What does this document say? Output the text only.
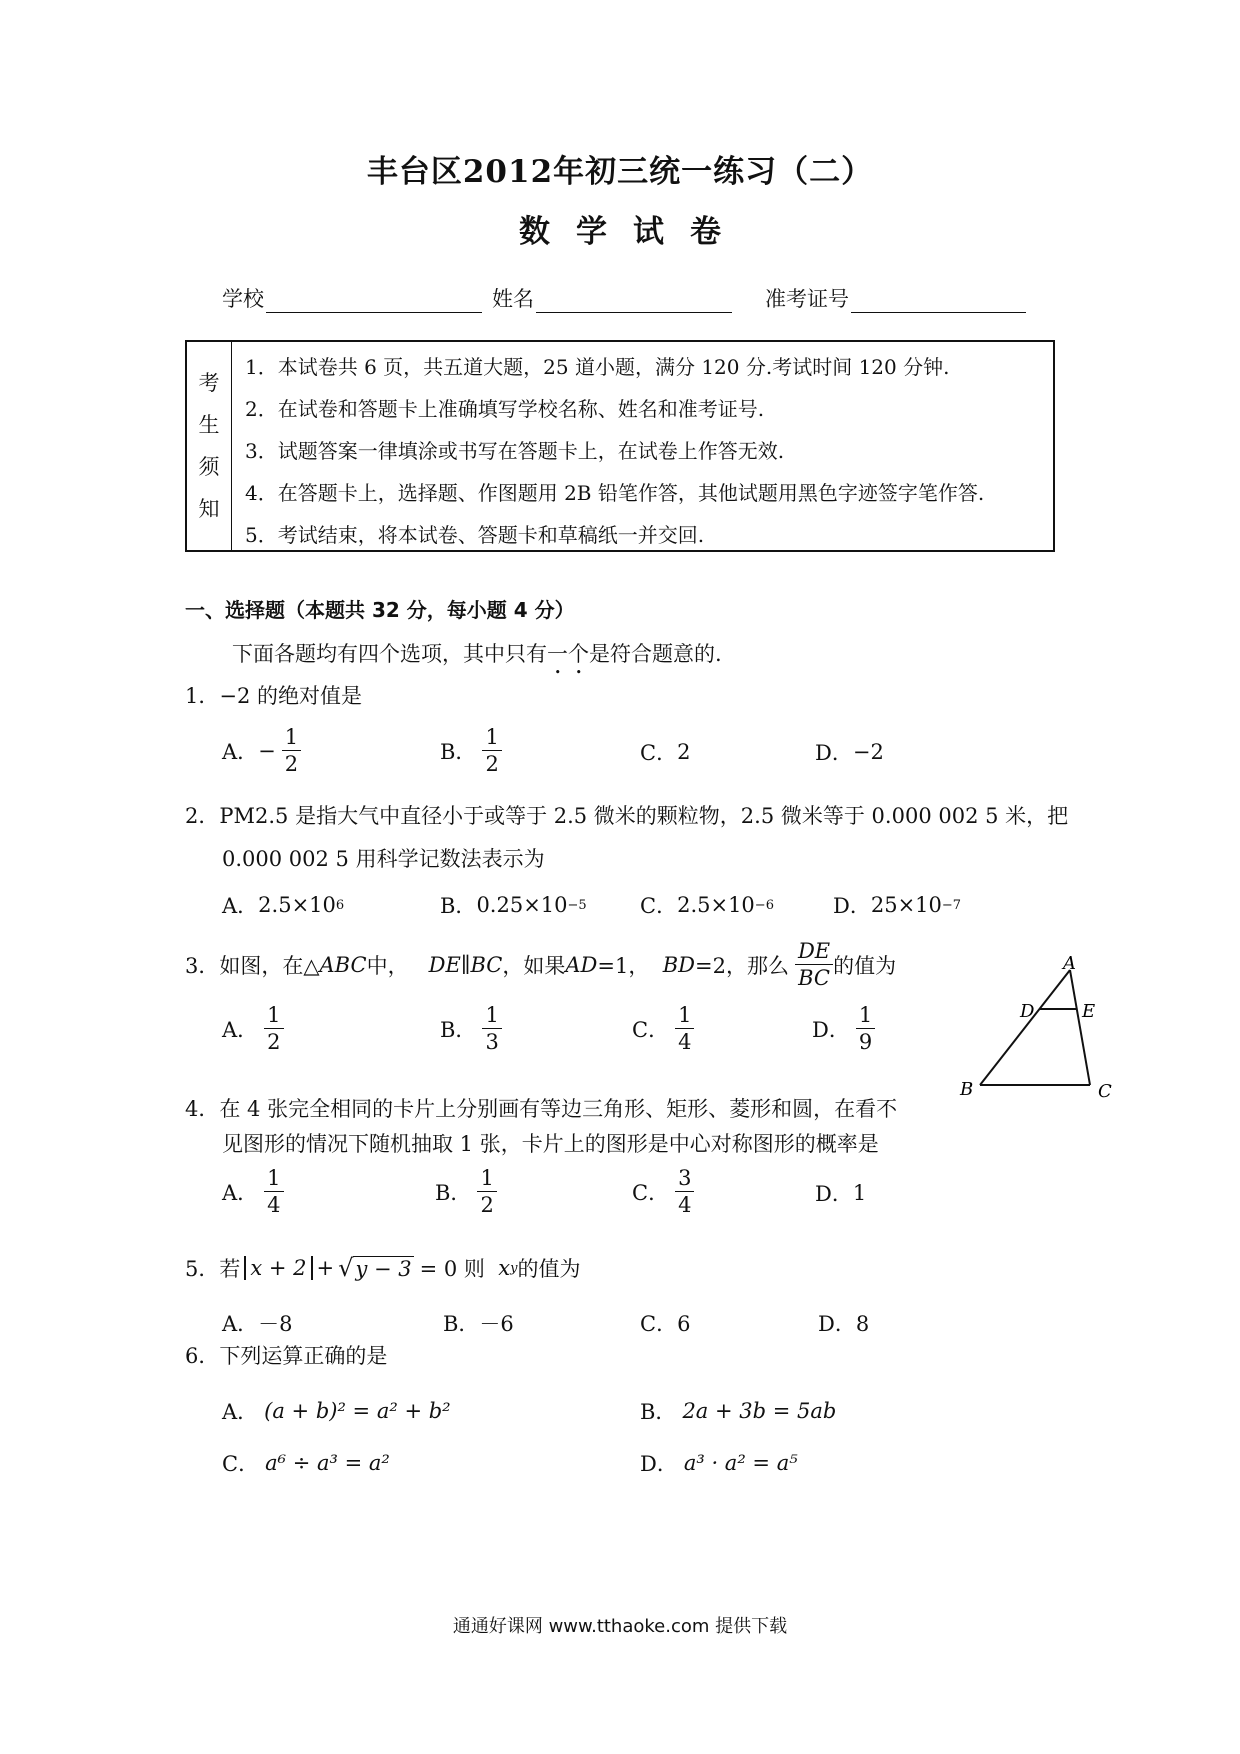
丰台区2012年初三统一练习（二）
数学试卷
学校	姓名	准考证号
考
生
须
知
1．本试卷共 6 页，共五道大题，25 道小题，满分 120 分.考试时间 120 分钟.
2．在试卷和答题卡上准确填写学校名称、姓名和准考证号.
3．试题答案一律填涂或书写在答题卡上，在试卷上作答无效.
4．在答题卡上，选择题、作图题用 2B 铅笔作答，其他试题用黑色字迹签字笔作答.
5．考试结束，将本试卷、答题卡和草稿纸一并交回.
一、选择题（本题共 32 分，每小题 4 分）
下面各题均有四个选项，其中只有一个是符合题意的.
1．−2 的绝对值是
A． − $\frac{1}{2}$	B． $\frac{1}{2}$	C． 2	D． −2
2．PM2.5 是指大气中直径小于或等于 2.5 微米的颗粒物，2.5 微米等于 0.000 002 5 米，把
0.000 002 5 用科学记数法表示为
A． 2.5×10 6	B． 0.25×10 −5	C． 2.5×10 −6	D． 25×10 −7
3．如图，在△ ABC 中，
DE∥BC ，如果 AD =1，
BD =2，那么 $\frac{DE}{BC}$ 的值为
A． $\frac{1}{2}$	B． $\frac{1}{3}$	C． $\frac{1}{4}$	D． $\frac{1}{9}$
A
B	C
D	E
4．在 4 张完全相同的卡片上分别画有等边三角形、矩形、菱形和圆，在看不
见图形的情况下随机抽取 1 张，卡片上的图形是中心对称图形的概率是
A． $\frac{1}{4}$	B． $\frac{1}{2}$	C． $\frac{3}{4}$	D． 1
5．若 x + 2 + √ y − 3 = 0 则
x y 的值为
A．－8	B．－6	C．6	D．8
6．下列运算正确的是
A． (a + b)² = a² + b²	B． 2a + 3b = 5ab
C． a⁶ ÷ a³ = a²	D． a³ · a² = a⁵
通通好课网 www.tthaoke.com 提供下载
